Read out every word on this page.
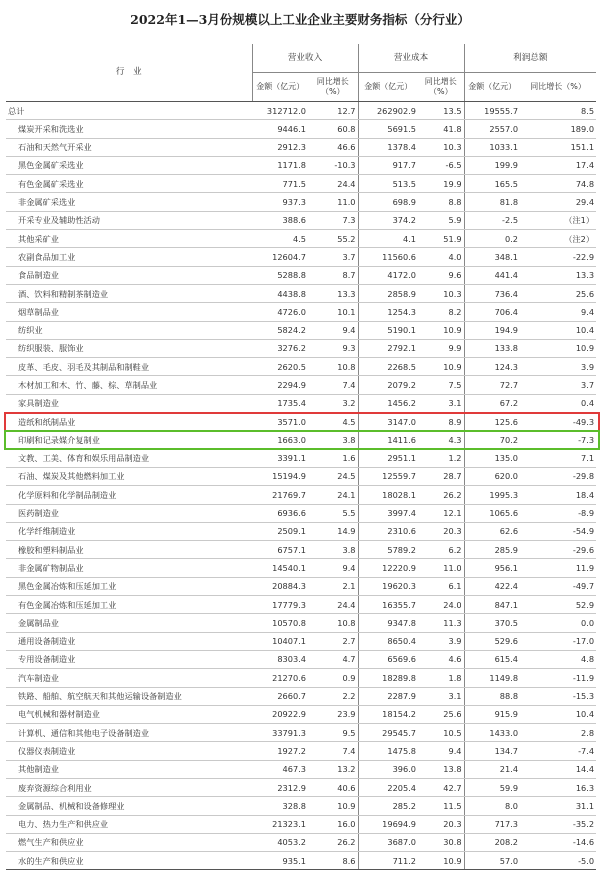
2022年1—3月份规模以上工业企业主要财务指标（分行业）
行　业	营业收入		营业成本		利润总额	
	金额（亿元）	同比增长（%）	金额（亿元）	同比增长（%）	金额（亿元）	同比增长（%）
总计	312712.0	12.7	262902.9	13.5	19555.7	8.5
煤炭开采和洗选业	9446.1	60.8	5691.5	41.8	2557.0	189.0
石油和天然气开采业	2912.3	46.6	1378.4	10.3	1033.1	151.1
黑色金属矿采选业	1171.8	-10.3	917.7	-6.5	199.9	17.4
有色金属矿采选业	771.5	24.4	513.5	19.9	165.5	74.8
非金属矿采选业	937.3	11.0	698.9	8.8	81.8	29.4
开采专业及辅助性活动	388.6	7.3	374.2	5.9	-2.5	（注1）
其他采矿业	4.5	55.2	4.1	51.9	0.2	（注2）
农副食品加工业	12604.7	3.7	11560.6	4.0	348.1	-22.9
食品制造业	5288.8	8.7	4172.0	9.6	441.4	13.3
酒、饮料和精制茶制造业	4438.8	13.3	2858.9	10.3	736.4	25.6
烟草制品业	4726.0	10.1	1254.3	8.2	706.4	9.4
纺织业	5824.2	9.4	5190.1	10.9	194.9	10.4
纺织服装、服饰业	3276.2	9.3	2792.1	9.9	133.8	10.9
皮革、毛皮、羽毛及其制品和制鞋业	2620.5	10.8	2268.5	10.9	124.3	3.9
木材加工和木、竹、藤、棕、草制品业	2294.9	7.4	2079.2	7.5	72.7	3.7
家具制造业	1735.4	3.2	1456.2	3.1	67.2	0.4
造纸和纸制品业	3571.0	4.5	3147.0	8.9	125.6	-49.3
印刷和记录媒介复制业	1663.0	3.8	1411.6	4.3	70.2	-7.3
文教、工美、体育和娱乐用品制造业	3391.1	1.6	2951.1	1.2	135.0	7.1
石油、煤炭及其他燃料加工业	15194.9	24.5	12559.7	28.7	620.0	-29.8
化学原料和化学制品制造业	21769.7	24.1	18028.1	26.2	1995.3	18.4
医药制造业	6936.6	5.5	3997.4	12.1	1065.6	-8.9
化学纤维制造业	2509.1	14.9	2310.6	20.3	62.6	-54.9
橡胶和塑料制品业	6757.1	3.8	5789.2	6.2	285.9	-29.6
非金属矿物制品业	14540.1	9.4	12220.9	11.0	956.1	11.9
黑色金属冶炼和压延加工业	20884.3	2.1	19620.3	6.1	422.4	-49.7
有色金属冶炼和压延加工业	17779.3	24.4	16355.7	24.0	847.1	52.9
金属制品业	10570.8	10.8	9347.8	11.3	370.5	0.0
通用设备制造业	10407.1	2.7	8650.4	3.9	529.6	-17.0
专用设备制造业	8303.4	4.7	6569.6	4.6	615.4	4.8
汽车制造业	21270.6	0.9	18289.8	1.8	1149.8	-11.9
铁路、船舶、航空航天和其他运输设备制造业	2660.7	2.2	2287.9	3.1	88.8	-15.3
电气机械和器材制造业	20922.9	23.9	18154.2	25.6	915.9	10.4
计算机、通信和其他电子设备制造业	33791.3	9.5	29545.7	10.5	1433.0	2.8
仪器仪表制造业	1927.2	7.4	1475.8	9.4	134.7	-7.4
其他制造业	467.3	13.2	396.0	13.8	21.4	14.4
废弃资源综合利用业	2312.9	40.6	2205.4	42.7	59.9	16.3
金属制品、机械和设备修理业	328.8	10.9	285.2	11.5	8.0	31.1
电力、热力生产和供应业	21323.1	16.0	19694.9	20.3	717.3	-35.2
燃气生产和供应业	4053.2	26.2	3687.0	30.8	208.2	-14.6
水的生产和供应业	935.1	8.6	711.2	10.9	57.0	-5.0
